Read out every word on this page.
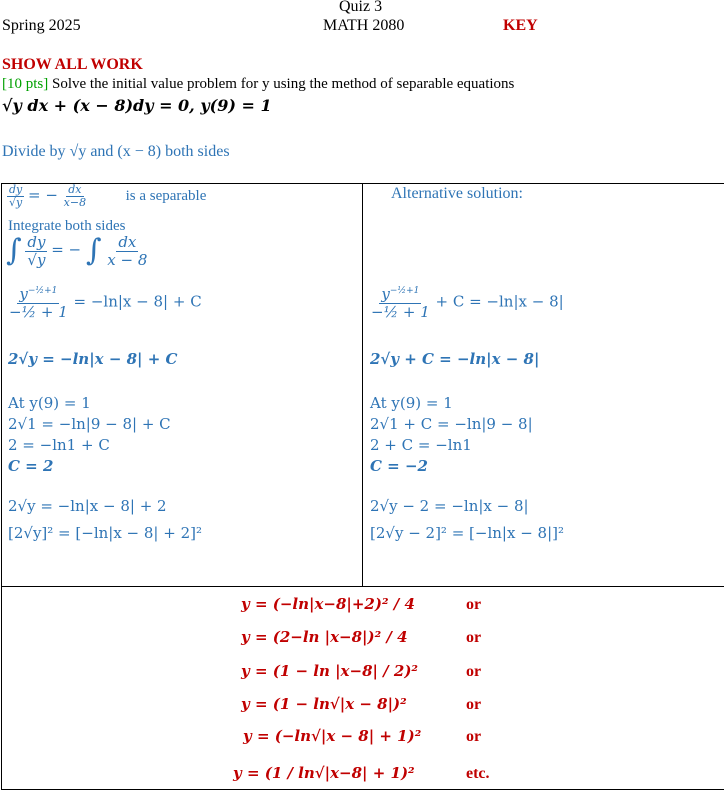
Spring 2025
Quiz 3
MATH 2080	KEY
SHOW ALL WORK
[10 pts] Solve the initial value problem for y using the method of separable equations
√y dx + (x − 8)dy = 0, y(9) = 1
Divide by √y and (x − 8) both sides
$\frac{dy}{√y}$ = − $\frac{dx}{x-8}$	is a separable
Integrate both sides
∫ $\frac{dy}{√y}$ = − ∫ $\frac{dx}{x - 8}$
$\frac{y^{-\frac{1}{2}+1}}{\text{−½ + 1}} = -\ln|x - 8| + C$
2√y = −ln|x − 8| + C
At y(9) = 1
2√1 = −ln|9 − 8| + C
2 = −ln1 + C
C = 2
2√y = −ln|x − 8| + 2
[2√y]² = [−ln|x − 8| + 2]²
Alternative solution:
$\frac{y^{-\frac{1}{2}+1}}{\text{−½ + 1}} + C = -\ln|x - 8|$
2√y + C = −ln|x − 8|
At y(9) = 1
2√1 + C = −ln|9 − 8|
2 + C = −ln1
C = −2
2√y − 2 = −ln|x − 8|
[2√y − 2]² = [−ln|x − 8|]²
y = (−ln|x−8|+2)² / 4	or
y = (2−ln |x−8|)² / 4	or
y = (1 − ln |x−8| / 2)²	or
y = (1 − ln√|x − 8|)²	or
y = (−ln√|x − 8| + 1)²	or
y = (1 / ln√|x−8| + 1)²	etc.
